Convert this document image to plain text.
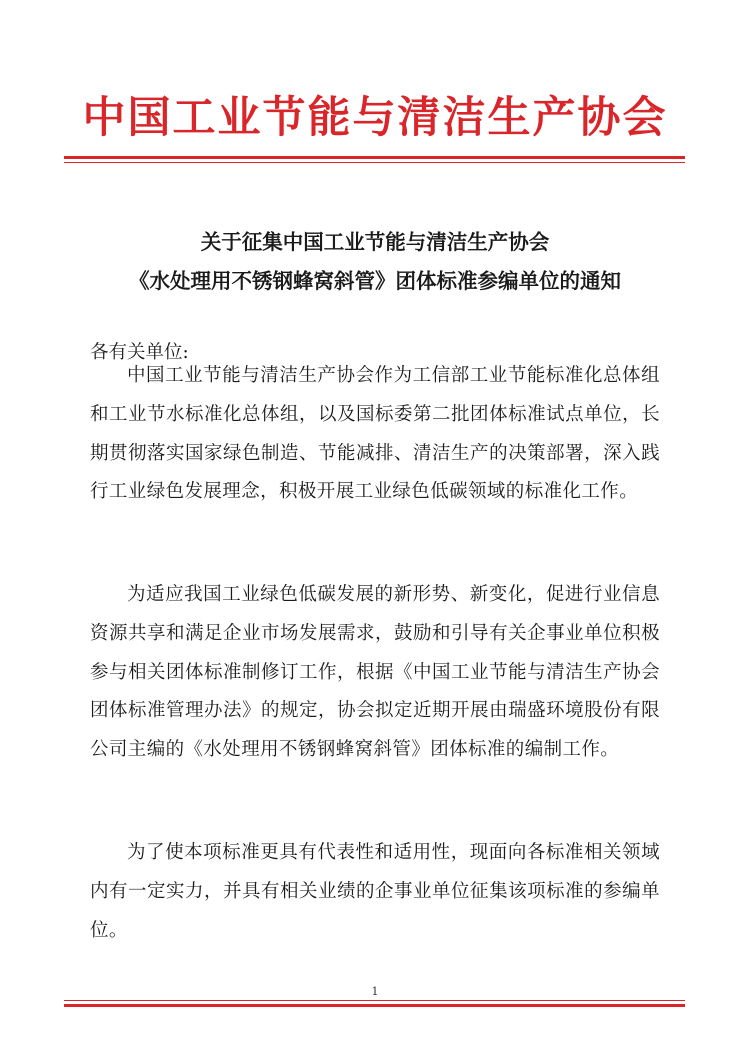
中国工业节能与清洁生产协会
关于征集中国工业节能与清洁生产协会
《水处理用不锈钢蜂窝斜管》团体标准参编单位的通知
各有关单位:

中国工业节能与清洁生产协会作为工信部工业节能标准化总体组和工业节水标准化总体组，以及国标委第二批团体标准试点单位，长期贯彻落实国家绿色制造、节能减排、清洁生产的决策部署，深入践行工业绿色发展理念，积极开展工业绿色低碳领域的标准化工作。

为适应我国工业绿色低碳发展的新形势、新变化，促进行业信息资源共享和满足企业市场发展需求，鼓励和引导有关企事业单位积极参与相关团体标准制修订工作，根据《中国工业节能与清洁生产协会团体标准管理办法》的规定，协会拟定近期开展由瑞盛环境股份有限公司主编的《水处理用不锈钢蜂窝斜管》团体标准的编制工作。

为了使本项标准更具有代表性和适用性，现面向各标准相关领域内有一定实力，并具有相关业绩的企事业单位征集该项标准的参编单位。

1
